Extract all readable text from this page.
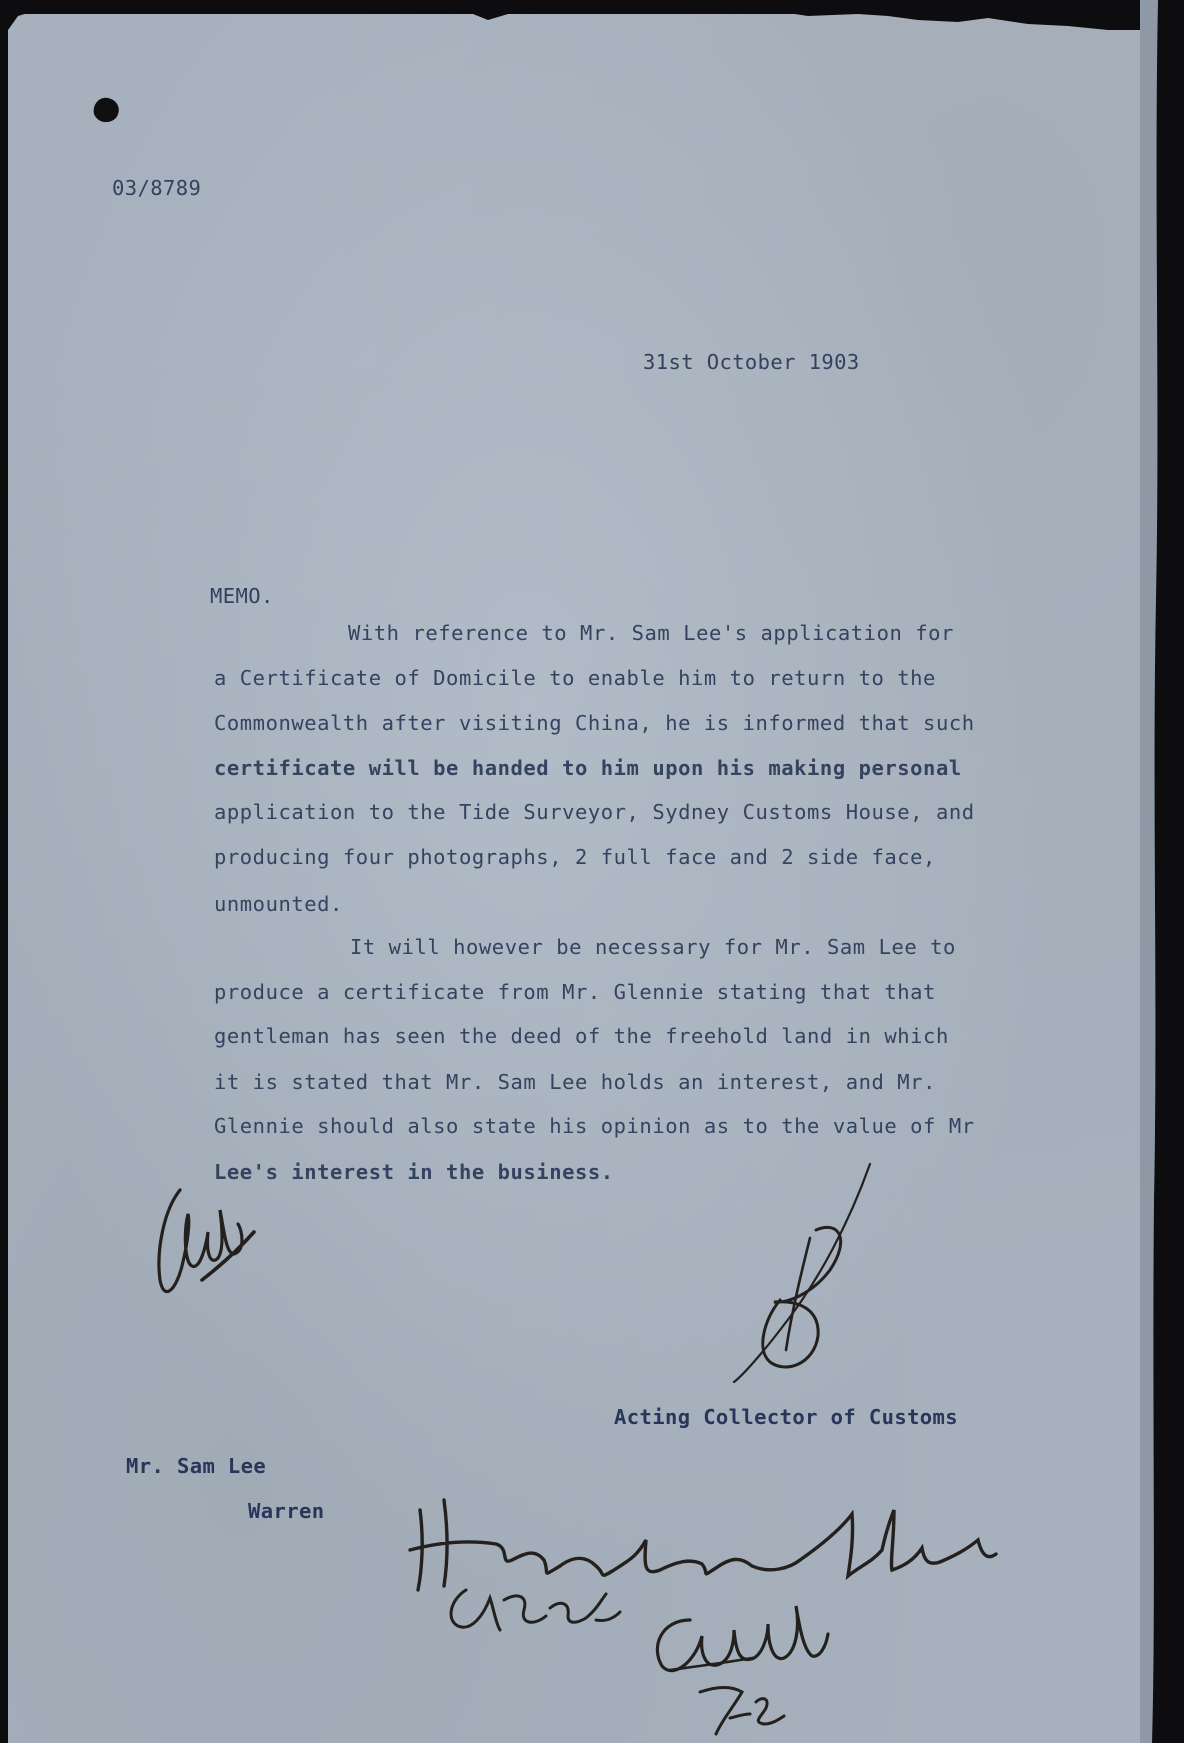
03/8789
31st October 1903
MEMO.
With reference to Mr. Sam Lee's application for
a Certificate of Domicile to enable him to return to the
Commonwealth after visiting China, he is informed that such
certificate will be handed to him upon his making personal
application to the Tide Surveyor, Sydney Customs House, and
producing four photographs, 2 full face and 2 side face,
unmounted.
It will however be necessary for Mr. Sam Lee to
produce a certificate from Mr. Glennie stating that that
gentleman has seen the deed of the freehold land in which
it is stated that Mr. Sam Lee holds an interest, and Mr.
Glennie should also state his opinion as to the value of Mr
Lee's interest in the business.
Acting Collector of Customs
Mr. Sam Lee
Warren
